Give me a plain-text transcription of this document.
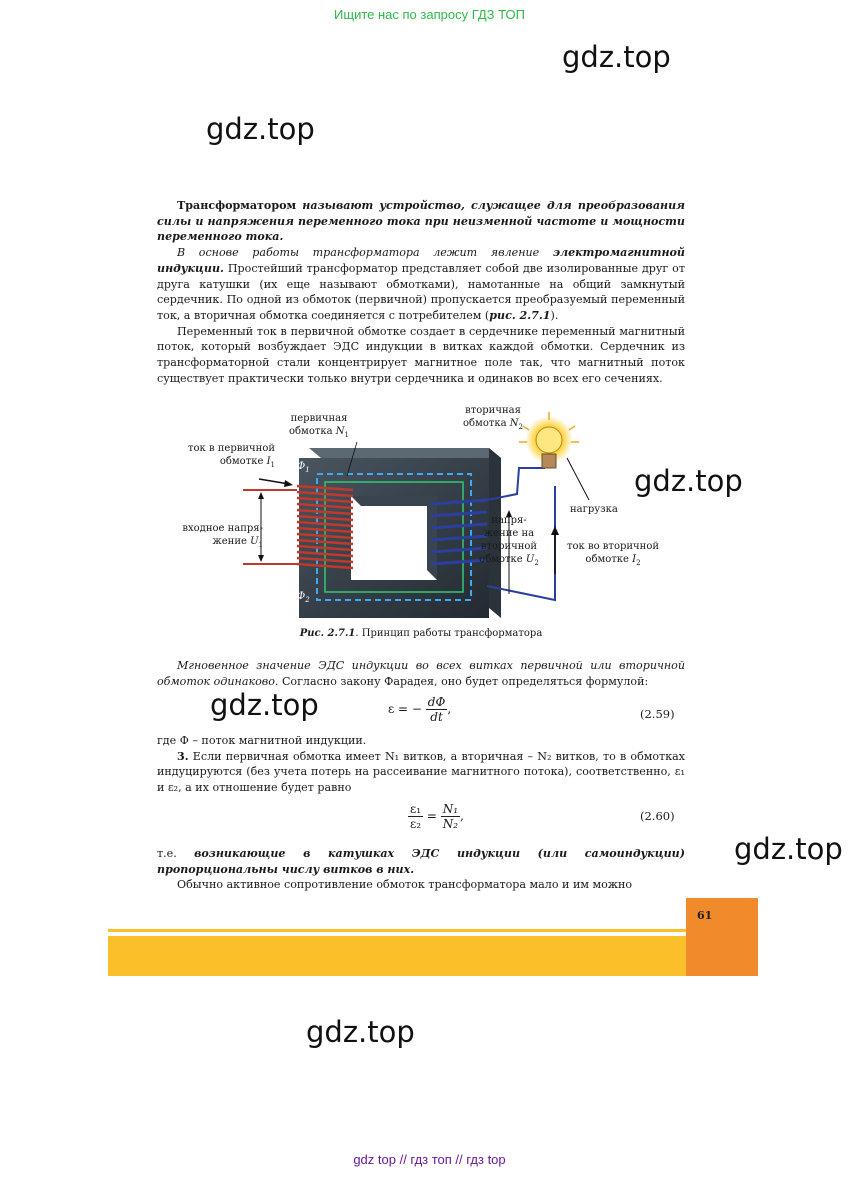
Ищите нас по запросу ГДЗ ТОП
gdz.top
gdz.top
gdz.top
gdz.top
gdz.top
gdz.top

Трансформатором называют устройство, служащее для преобразования силы и напряжения переменного тока при неизменной частоте и мощности переменного тока.

В основе работы трансформатора лежит явление электромагнитной индукции. Простейший трансформатор представляет собой две изолированные друг от друга катушки (их еще называют обмотками), намотанные на общий замкнутый сердечник. По одной из обмоток (первичной) пропускается преобразуемый переменный ток, а вторичная обмотка соединяется с потребителем (рис. 2.7.1).

Переменный ток в первичной обмотке создает в сердечнике переменный магнитный поток, который возбуждает ЭДС индукции в витках каждой обмотки. Сердечник из трансформаторной стали концентрирует магнитное поле так, что магнитный поток существует практически только внутри сердечника и одинаков во всех его сечениях.

первичная
обмотка $N_1$
вторичная
обмотка $N_2$
ток в первичной
обмотке $I_1$
входное напря-
жение $U_1$
нагрузка
напря-
жение на
вторичной
обмотке $U_2$
ток во вторичной
обмотке $I_2$
$\Phi_1$
$\Phi_2$
Рис. 2.7.1. Принцип работы трансформатора

Мгновенное значение ЭДС индукции во всех витках первичной или вторичной обмоток одинаково. Согласно закону Фарадея, оно будет определяться формулой:

ε = − $\frac{d\Phi}{dt}$ ,	(2.59)

где Φ – поток магнитной индукции.

3. Если первичная обмотка имеет N₁ витков, а вторичная – N₂ витков, то в обмотках индуцируются (без учета потерь на рассеивание магнитного потока), соответственно, ε₁ и ε₂, а их отношение будет равно

$\frac{\text{ε₁}}{\text{ε₂}} = \frac{\text{N₁}}{\text{N₂}}$ ,	(2.60)

т.е. возникающие в катушках ЭДС индукции (или самоиндукции) пропорциональны числу витков в них.

Обычно активное сопротивление обмоток трансформатора мало и им можно

61
gdz top // гдз топ // гдз top
